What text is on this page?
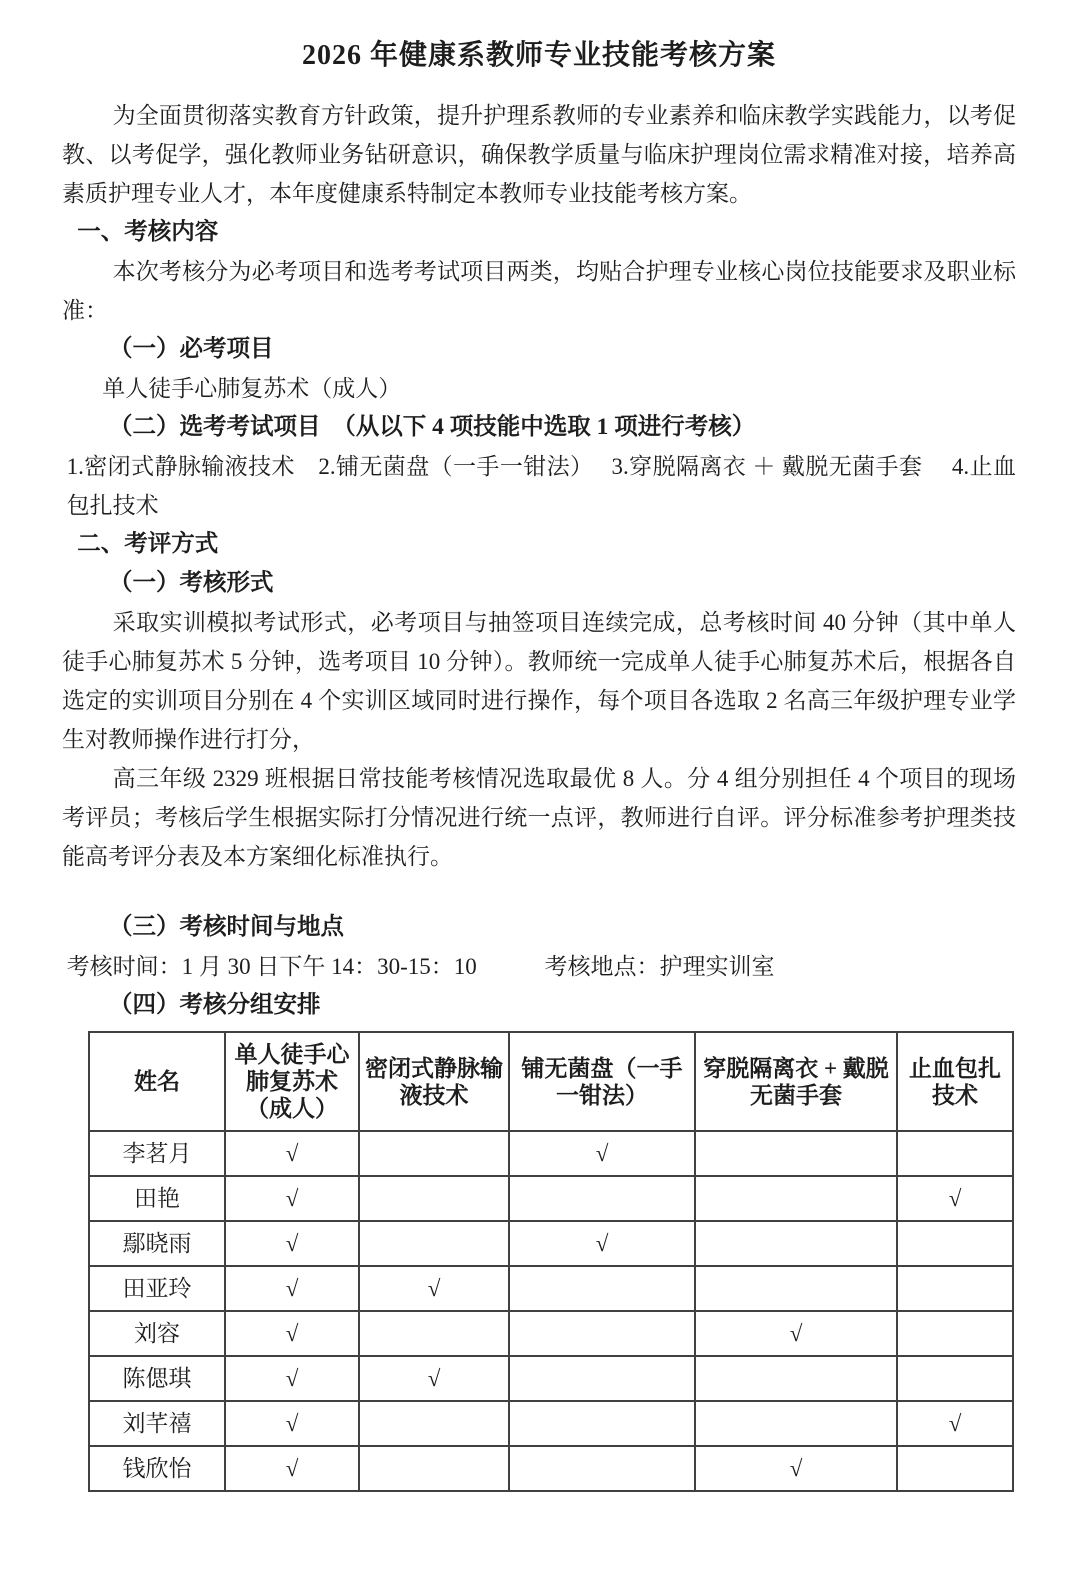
2026 年健康系教师专业技能考核方案

为全面贯彻落实教育方针政策，提升护理系教师的专业素养和临床教学实践能力，以考促教、以考促学，强化教师业务钻研意识，确保教学质量与临床护理岗位需求精准对接，培养高素质护理专业人才，本年度健康系特制定本教师专业技能考核方案。

一、考核内容

本次考核分为必考项目和选考考试项目两类，均贴合护理专业核心岗位技能要求及职业标准：

（一）必考项目

单人徒手心肺复苏术（成人）

（二）选考考试项目　（从以下 4 项技能中选取 1 项进行考核）

1.密闭式静脉输液技术　2.铺无菌盘（一手一钳法）　 3.穿脱隔离衣 ＋ 戴脱无菌手套　 4.止血包扎技术

二、考评方式

（一）考核形式

采取实训模拟考试形式，必考项目与抽签项目连续完成，总考核时间 40 分钟（其中单人徒手心肺复苏术 5 分钟，选考项目 10 分钟）。教师统一完成单人徒手心肺复苏术后，根据各自选定的实训项目分别在 4 个实训区域同时进行操作，每个项目各选取 2 名高三年级护理专业学生对教师操作进行打分，

高三年级 2329 班根据日常技能考核情况选取最优 8 人。分 4 组分别担任 4 个项目的现场考评员；考核后学生根据实际打分情况进行统一点评，教师进行自评。评分标准参考护理类技能高考评分表及本方案细化标准执行。

（三）考核时间与地点

考核时间：1 月 30 日下午 14：30-15：10	考核地点：护理实训室

（四）考核分组安排

姓名	单人徒手心肺复苏术（成人）	密闭式静脉输液技术	铺无菌盘（一手一钳法）	穿脱隔离衣 + 戴脱无菌手套	止血包扎技术
李茗月	√		√		
田艳	√				√
鄢晓雨	√		√		
田亚玲	√	√			
刘容	√			√	
陈偲琪	√	√			
刘芊禧	√				√
钱欣怡	√			√	
